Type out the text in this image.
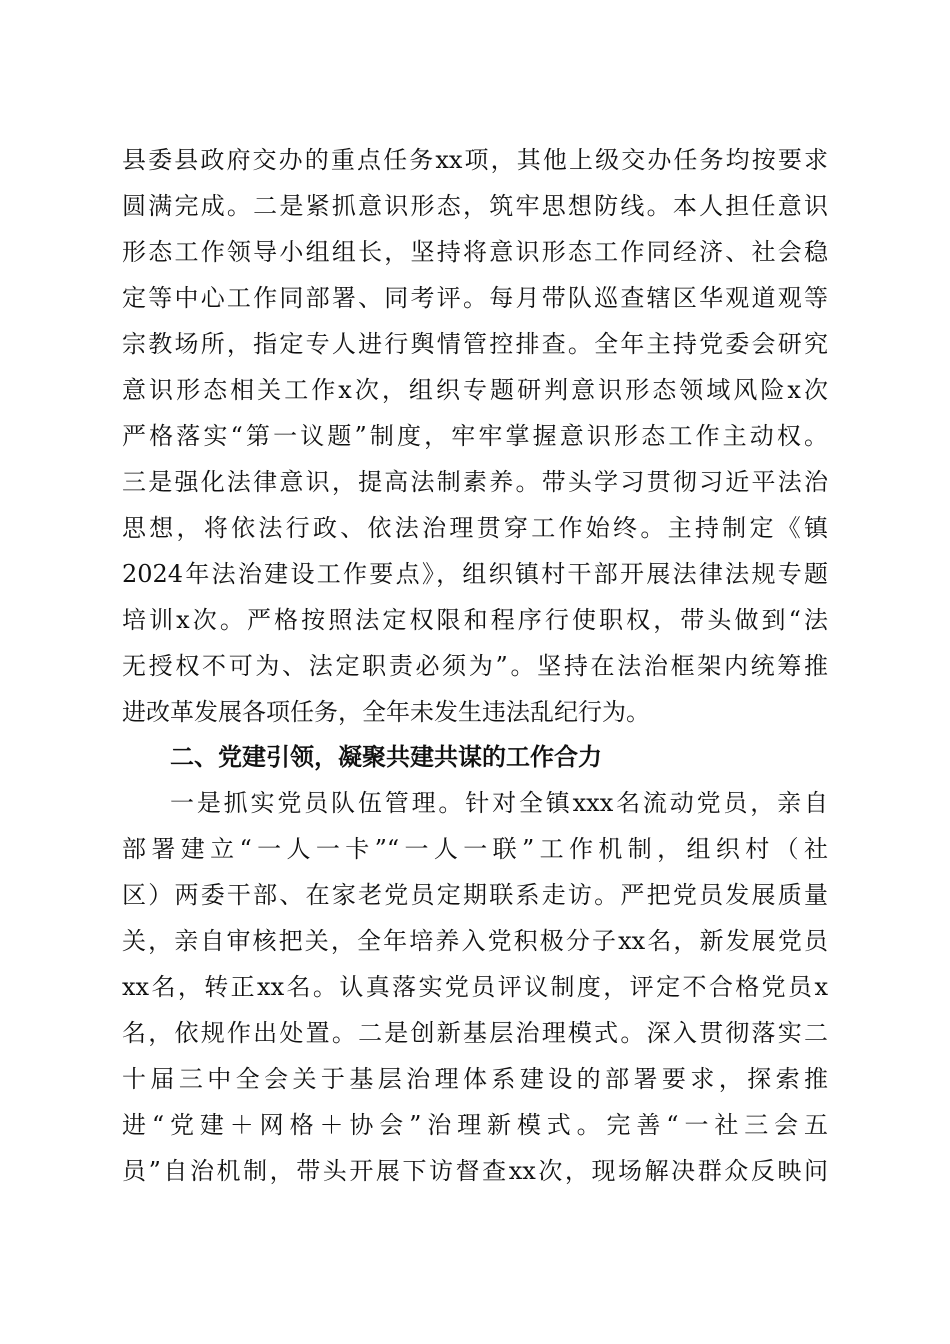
县委县政府交办的重点任务xx项，其他上级交办任务均按要求
圆满完成。二是紧抓意识形态，筑牢思想防线。本人担任意识
形态工作领导小组组长，坚持将意识形态工作同经济、社会稳
定等中心工作同部署、同考评。每月带队巡查辖区华观道观等
宗教场所，指定专人进行舆情管控排查。全年主持党委会研究
意识形态相关工作x次，组织专题研判意识形态领域风险x次
严格落实“第一议题”制度，牢牢掌握意识形态工作主动权。
三是强化法律意识，提高法制素养。带头学习贯彻习近平法治
思想，将依法行政、依法治理贯穿工作始终。主持制定《镇
2024年法治建设工作要点》，组织镇村干部开展法律法规专题
培训x次。严格按照法定权限和程序行使职权，带头做到“法
无授权不可为、法定职责必须为”。坚持在法治框架内统筹推
进改革发展各项任务，全年未发生违法乱纪行为。
二、党建引领，凝聚共建共谋的工作合力
一是抓实党员队伍管理。针对全镇xxx名流动党员，亲自
部署建立“一人一卡”“一人一联”工作机制，组织村（社
区）两委干部、在家老党员定期联系走访。严把党员发展质量
关，亲自审核把关，全年培养入党积极分子xx名，新发展党员
xx名，转正xx名。认真落实党员评议制度，评定不合格党员x
名，依规作出处置。二是创新基层治理模式。深入贯彻落实二
十届三中全会关于基层治理体系建设的部署要求，探索推
进“党建＋网格＋协会”治理新模式。完善“一社三会五
员”自治机制，带头开展下访督查xx次，现场解决群众反映问
